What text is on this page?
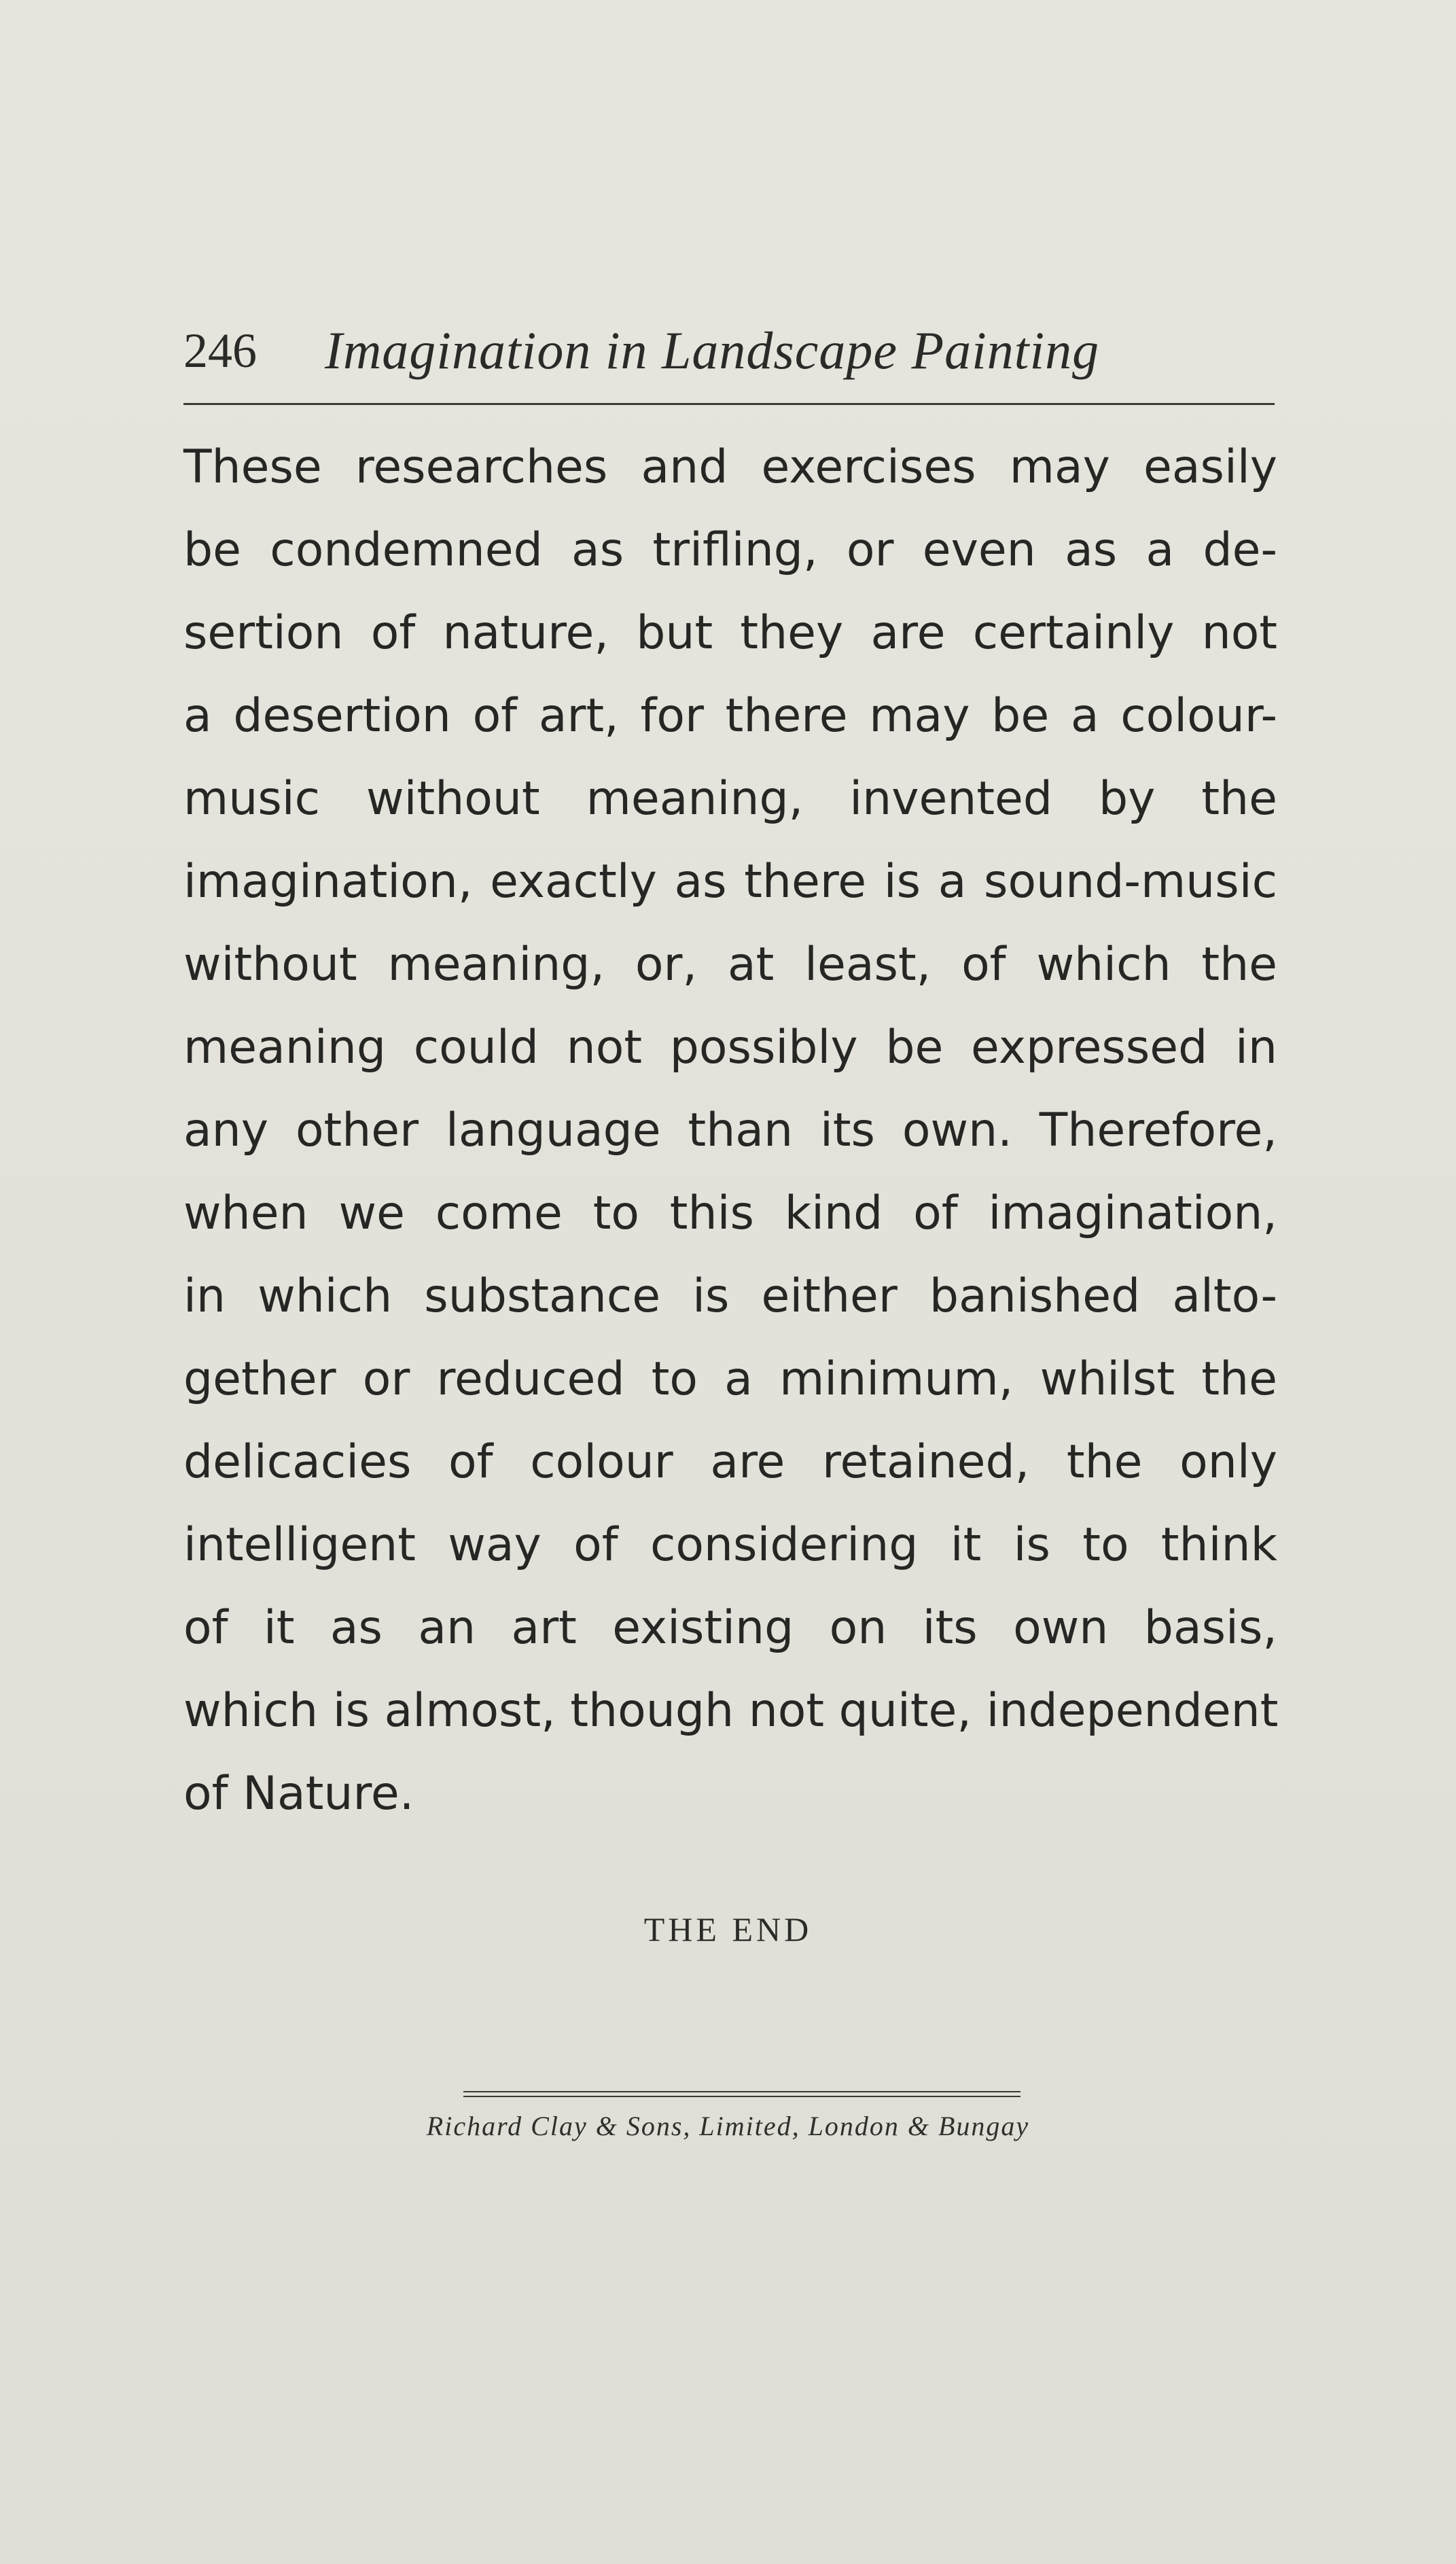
246 Imagination in Landscape Painting
These researches and exercises may easily
be condemned as trifling, or even as a de-
sertion of nature, but they are certainly not
a desertion of art, for there may be a colour-
music without meaning, invented by the
imagination, exactly as there is a sound-music
without meaning, or, at least, of which the
meaning could not possibly be expressed in
any other language than its own. Therefore,
when we come to this kind of imagination,
in which substance is either banished alto-
gether or reduced to a minimum, whilst the
delicacies of colour are retained, the only
intelligent way of considering it is to think
of it as an art existing on its own basis,
which is almost, though not quite, independent
of Nature.
THE END
Richard Clay & Sons, Limited, London & Bungay
